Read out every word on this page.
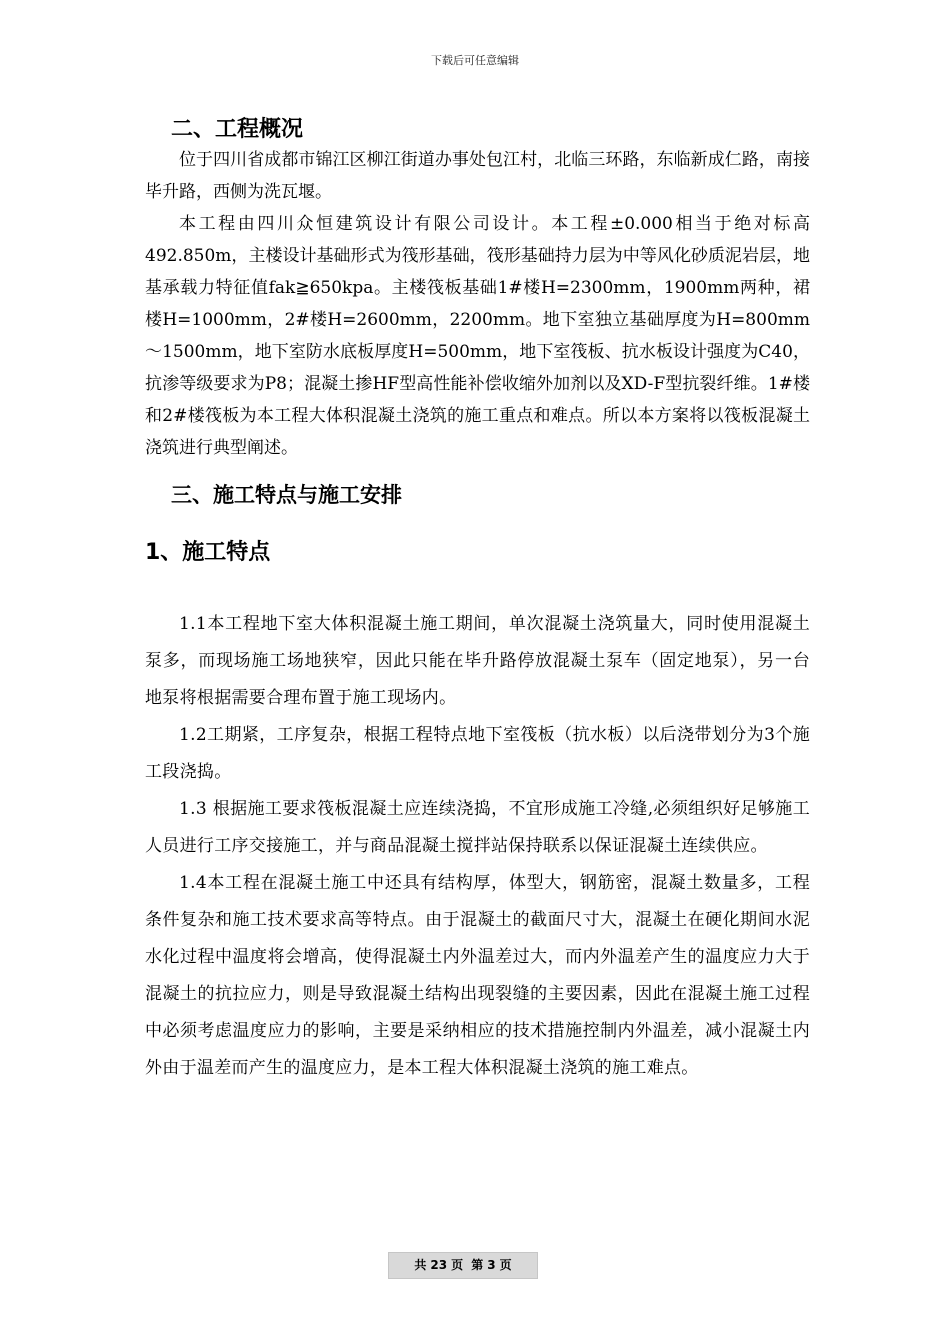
下载后可任意编辑
二、工程概况

位于四川省成都市锦江区柳江街道办事处包江村，北临三环路，东临新成仁路，南接毕升路，西侧为洗瓦堰。

本工程由四川众恒建筑设计有限公司设计。本工程±0.000相当于绝对标高492.850m，主楼设计基础形式为筏形基础，筏形基础持力层为中等风化砂质泥岩层，地基承载力特征值fak≧650kpa。主楼筏板基础1#楼H=2300mm，1900mm两种，裙楼H=1000mm，2#楼H=2600mm，2200mm。地下室独立基础厚度为H=800mm～1500mm，地下室防水底板厚度H=500mm，地下室筏板、抗水板设计强度为C40，抗渗等级要求为P8；混凝土掺HF型高性能补偿收缩外加剂以及XD-F型抗裂纤维。1#楼和2#楼筏板为本工程大体积混凝土浇筑的施工重点和难点。所以本方案将以筏板混凝土浇筑进行典型阐述。

三、施工特点与施工安排
1、施工特点

1.1本工程地下室大体积混凝土施工期间，单次混凝土浇筑量大，同时使用混凝土泵多，而现场施工场地狭窄，因此只能在毕升路停放混凝土泵车（固定地泵），另一台地泵将根据需要合理布置于施工现场内。

1.2工期紧，工序复杂，根据工程特点地下室筏板（抗水板）以后浇带划分为3个施工段浇捣。

1.3 根据施工要求筏板混凝土应连续浇捣，不宜形成施工冷缝,必须组织好足够施工人员进行工序交接施工，并与商品混凝土搅拌站保持联系以保证混凝土连续供应。

1.4本工程在混凝土施工中还具有结构厚，体型大，钢筋密，混凝土数量多，工程条件复杂和施工技术要求高等特点。由于混凝土的截面尺寸大，混凝土在硬化期间水泥水化过程中温度将会增高，使得混凝土内外温差过大，而内外温差产生的温度应力大于混凝土的抗拉应力，则是导致混凝土结构出现裂缝的主要因素，因此在混凝土施工过程中必须考虑温度应力的影响，主要是采纳相应的技术措施控制内外温差，减小混凝土内外由于温差而产生的温度应力，是本工程大体积混凝土浇筑的施工难点。

共 23 页 第 3 页
